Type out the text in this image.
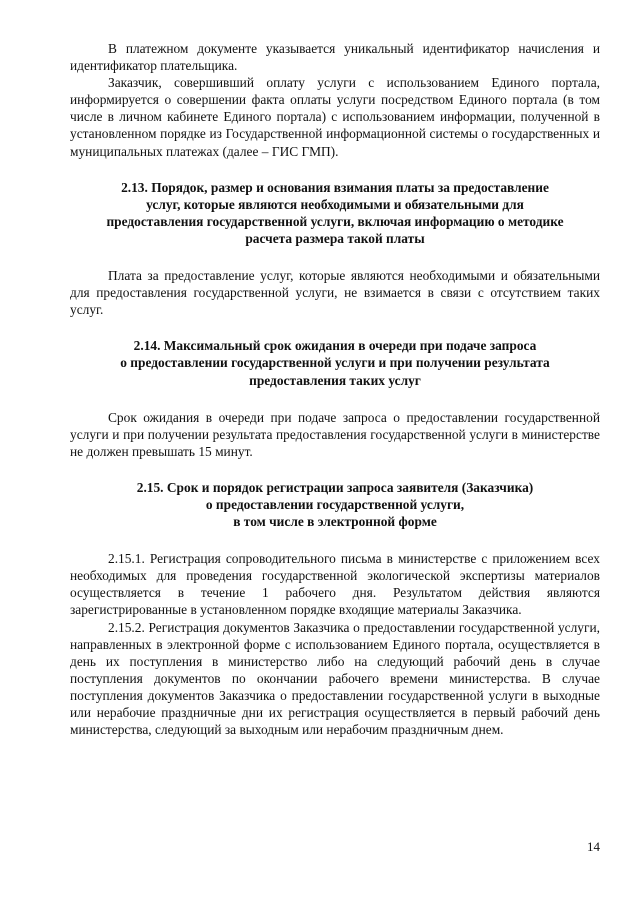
В платежном документе указывается уникальный идентификатор начисления и идентификатор плательщика.

Заказчик, совершивший оплату услуги с использованием Единого портала, информируется о совершении факта оплаты услуги посредством Единого портала (в том числе в личном кабинете Единого портала) с использованием информации, полученной в установленном порядке из Государственной информационной системы о государственных и муниципальных платежах (далее – ГИС ГМП).

2.13. Порядок, размер и основания взимания платы за предоставление
услуг, которые являются необходимыми и обязательными для
предоставления государственной услуги, включая информацию о методике
расчета размера такой платы

Плата за предоставление услуг, которые являются необходимыми и обязательными для предоставления государственной услуги, не взимается в связи с отсутствием таких услуг.

2.14. Максимальный срок ожидания в очереди при подаче запроса
о предоставлении государственной услуги и при получении результата
предоставления таких услуг

Срок ожидания в очереди при подаче запроса о предоставлении государственной услуги и при получении результата предоставления государственной услуги в министерстве не должен превышать 15 минут.

2.15. Срок и порядок регистрации запроса заявителя (Заказчика)
о предоставлении государственной услуги,
в том числе в электронной форме

2.15.1. Регистрация сопроводительного письма в министерстве с приложением всех необходимых для проведения государственной экологической экспертизы материалов осуществляется в течение 1 рабочего дня. Результатом действия являются зарегистрированные в установленном порядке входящие материалы Заказчика.

2.15.2. Регистрация документов Заказчика о предоставлении государственной услуги, направленных в электронной форме с использованием Единого портала, осуществляется в день их поступления в министерство либо на следующий рабочий день в случае поступления документов по окончании рабочего времени министерства. В случае поступления документов Заказчика о предоставлении государственной услуги в выходные или нерабочие праздничные дни их регистрация осуществляется в первый рабочий день министерства, следующий за выходным или нерабочим праздничным днем.

14
